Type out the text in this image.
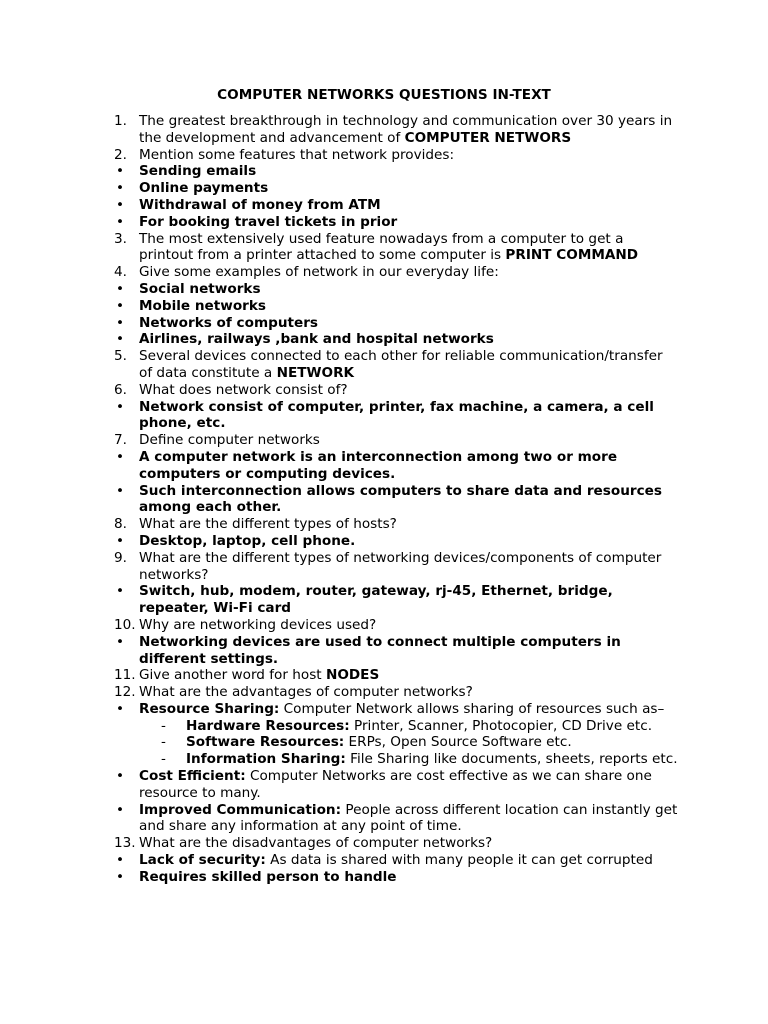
COMPUTER NETWORKS QUESTIONS IN-TEXT
1. The greatest breakthrough in technology and communication over 30 years in the development and advancement of COMPUTER NETWORS
2. Mention some features that network provides:
• Sending emails
• Online payments
• Withdrawal of money from ATM
• For booking travel tickets in prior
3. The most extensively used feature nowadays from a computer to get a printout from a printer attached to some computer is PRINT COMMAND
4. Give some examples of network in our everyday life:
• Social networks
• Mobile networks
• Networks of computers
• Airlines, railways ,bank and hospital networks
5. Several devices connected to each other for reliable communication/transfer of data constitute a NETWORK
6. What does network consist of?
• Network consist of computer, printer, fax machine, a camera, a cell phone, etc.
7. Define computer networks
• A computer network is an interconnection among two or more computers or computing devices.
• Such interconnection allows computers to share data and resources among each other.
8. What are the different types of hosts?
• Desktop, laptop, cell phone.
9. What are the different types of networking devices/components of computer networks?
• Switch, hub, modem, router, gateway, rj-45, Ethernet, bridge, repeater, Wi-Fi card
10. Why are networking devices used?
• Networking devices are used to connect multiple computers in different settings.
11. Give another word for host NODES
12. What are the advantages of computer networks?
• Resource Sharing: Computer Network allows sharing of resources such as–
- Hardware Resources: Printer, Scanner, Photocopier, CD Drive etc.
- Software Resources: ERPs, Open Source Software etc.
- Information Sharing: File Sharing like documents, sheets, reports etc.
• Cost Efficient: Computer Networks are cost effective as we can share one resource to many.
• Improved Communication: People across different location can instantly get and share any information at any point of time.
13. What are the disadvantages of computer networks?
• Lack of security: As data is shared with many people it can get corrupted
• Requires skilled person to handle
